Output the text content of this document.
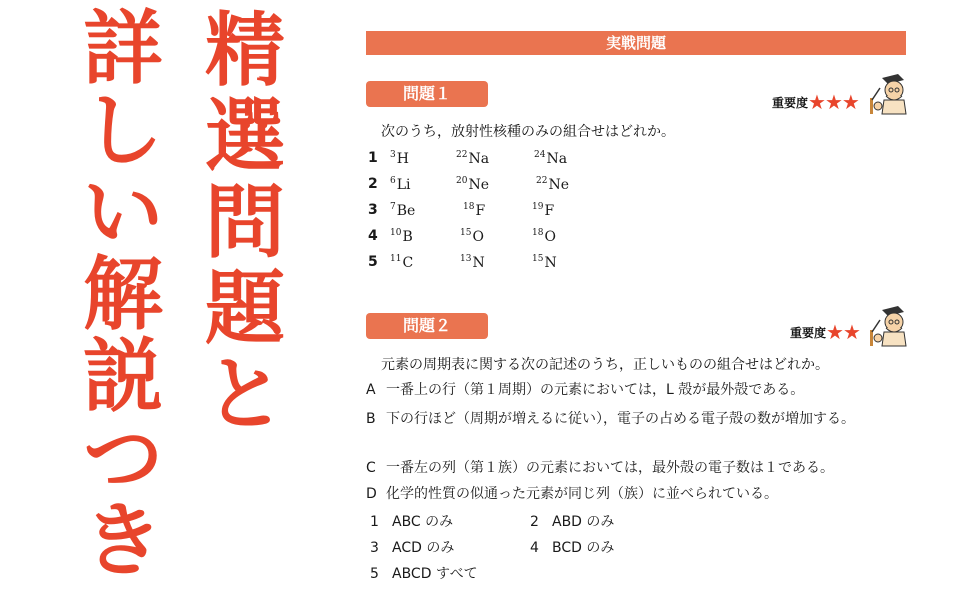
詳
し
い
解
説
つ
き
精
選
問
題
と
実戦問題
問題１	重要度★★★
次のうち，放射性核種のみの組合せはどれか。
1	$^3$H	$^{22}$Na	$^{24}$Na
2	$^6$Li	$^{20}$Ne	$^{22}$Ne
3	$^7$Be	$^{18}$F	$^{19}$F
4	$^{10}$B	$^{15}$O	$^{18}$O
5	$^{11}$C	$^{13}$N	$^{15}$N
問題２	重要度★★
元素の周期表に関する次の記述のうち，正しいものの組合せはどれか。
A 一番上の行（第１周期）の元素においては，L 殻が最外殻である。
B 下の行ほど（周期が増えるに従い），電子の占める電子殻の数が増加する。
C 一番左の列（第１族）の元素においては，最外殻の電子数は１である。
D 化学的性質の似通った元素が同じ列（族）に並べられている。
1 ABC のみ	2 ABD のみ
3 ACD のみ	4 BCD のみ
5 ABCD すべて
